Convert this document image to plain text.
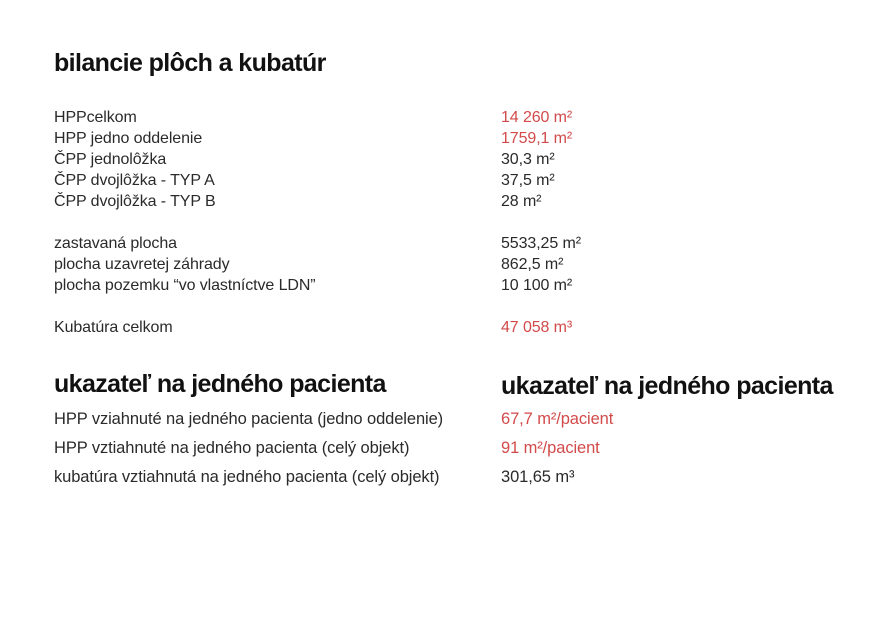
bilancie plôch a kubatúr
HPPcelkom	14 260 m²
HPP jedno oddelenie	1759,1 m²
ČPP jednolôžka	30,3 m²
ČPP dvojlôžka - TYP A	37,5 m²
ČPP dvojlôžka - TYP B	28 m²
zastavaná plocha	5533,25 m²
plocha uzavretej záhrady	862,5 m²
plocha pozemku “vo vlastníctve LDN”	10 100 m²
Kubatúra celkom	47 058 m³
ukazateľ na jedného pacienta	ukazateľ na jedného pacienta
HPP vziahnuté na jedného pacienta (jedno oddelenie)	67,7 m²/pacient
HPP vztiahnuté na jedného pacienta (celý objekt)	91 m²/pacient
kubatúra vztiahnutá na jedného pacienta (celý objekt)	301,65 m³
